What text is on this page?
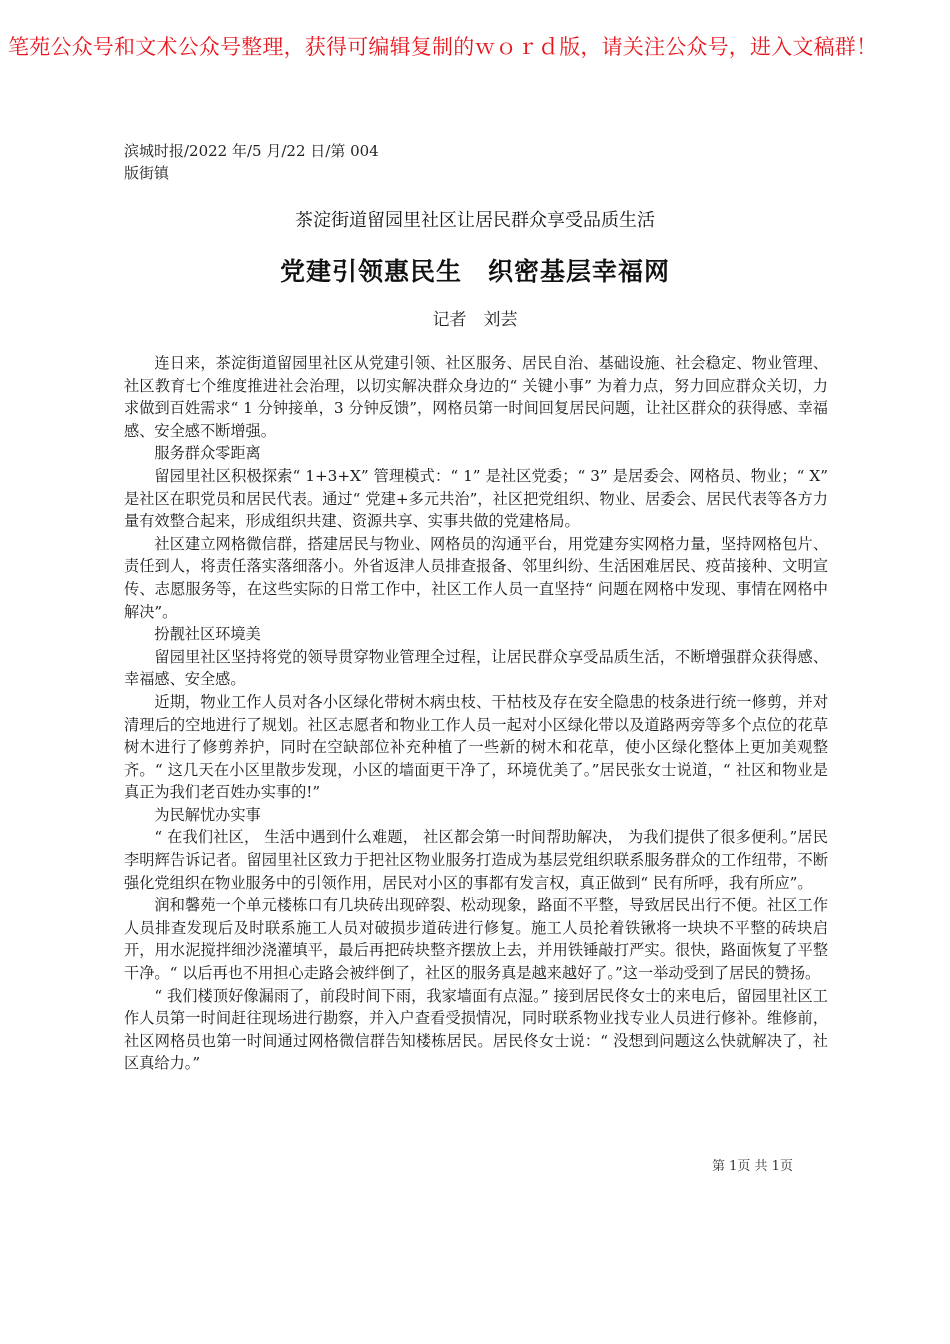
笔苑公众号和文术公众号整理，获得可编辑复制的ｗｏｒｄ版，请关注公众号，进入文稿群！
滨城时报/2022 年/5 月/22 日/第 004
版街镇
茶淀街道留园里社区让居民群众享受品质生活
党建引领惠民生　织密基层幸福网
记者　刘芸

连日来，茶淀街道留园里社区从党建引领、社区服务、居民自治、基础设施、社会稳定、物业管理、社区教育七个维度推进社会治理，以切实解决群众身边的“ 关键小事” 为着力点，努力回应群众关切，力求做到百姓需求“ 1 分钟接单，3 分钟反馈”，网格员第一时间回复居民问题，让社区群众的获得感、幸福感、安全感不断增强。

服务群众零距离

留园里社区积极探索“ 1+3+X” 管理模式：“ 1” 是社区党委；“ 3” 是居委会、网格员、物业；“ X” 是社区在职党员和居民代表。通过“ 党建+多元共治”，社区把党组织、物业、居委会、居民代表等各方力量有效整合起来，形成组织共建、资源共享、实事共做的党建格局。

社区建立网格微信群，搭建居民与物业、网格员的沟通平台，用党建夯实网格力量，坚持网格包片、责任到人，将责任落实落细落小。外省返津人员排查报备、邻里纠纷、生活困难居民、疫苗接种、文明宣传、志愿服务等，在这些实际的日常工作中，社区工作人员一直坚持“ 问题在网格中发现、事情在网格中解决”。

扮靓社区环境美

留园里社区坚持将党的领导贯穿物业管理全过程，让居民群众享受品质生活，不断增强群众获得感、幸福感、安全感。

近期，物业工作人员对各小区绿化带树木病虫枝、干枯枝及存在安全隐患的枝条进行统一修剪，并对清理后的空地进行了规划。社区志愿者和物业工作人员一起对小区绿化带以及道路两旁等多个点位的花草树木进行了修剪养护，同时在空缺部位补充种植了一些新的树木和花草，使小区绿化整体上更加美观整齐。“ 这几天在小区里散步发现，小区的墙面更干净了，环境优美了。”居民张女士说道，“ 社区和物业是真正为我们老百姓办实事的!”

为民解忧办实事

“ 在我们社区， 生活中遇到什么难题， 社区都会第一时间帮助解决， 为我们提供了很多便利。”居民李明辉告诉记者。留园里社区致力于把社区物业服务打造成为基层党组织联系服务群众的工作纽带，不断强化党组织在物业服务中的引领作用，居民对小区的事都有发言权，真正做到“ 民有所呼，我有所应”。

润和馨苑一个单元楼栋口有几块砖出现碎裂、松动现象，路面不平整，导致居民出行不便。社区工作人员排查发现后及时联系施工人员对破损步道砖进行修复。施工人员抡着铁锹将一块块不平整的砖块启开，用水泥搅拌细沙浇灌填平，最后再把砖块整齐摆放上去，并用铁锤敲打严实。很快，路面恢复了平整干净。“ 以后再也不用担心走路会被绊倒了，社区的服务真是越来越好了。”这一举动受到了居民的赞扬。

“ 我们楼顶好像漏雨了，前段时间下雨，我家墙面有点湿。” 接到居民佟女士的来电后，留园里社区工作人员第一时间赶往现场进行勘察，并入户查看受损情况，同时联系物业找专业人员进行修补。维修前，社区网格员也第一时间通过网格微信群告知楼栋居民。居民佟女士说：“ 没想到问题这么快就解决了，社区真给力。”

第 1页 共 1页
